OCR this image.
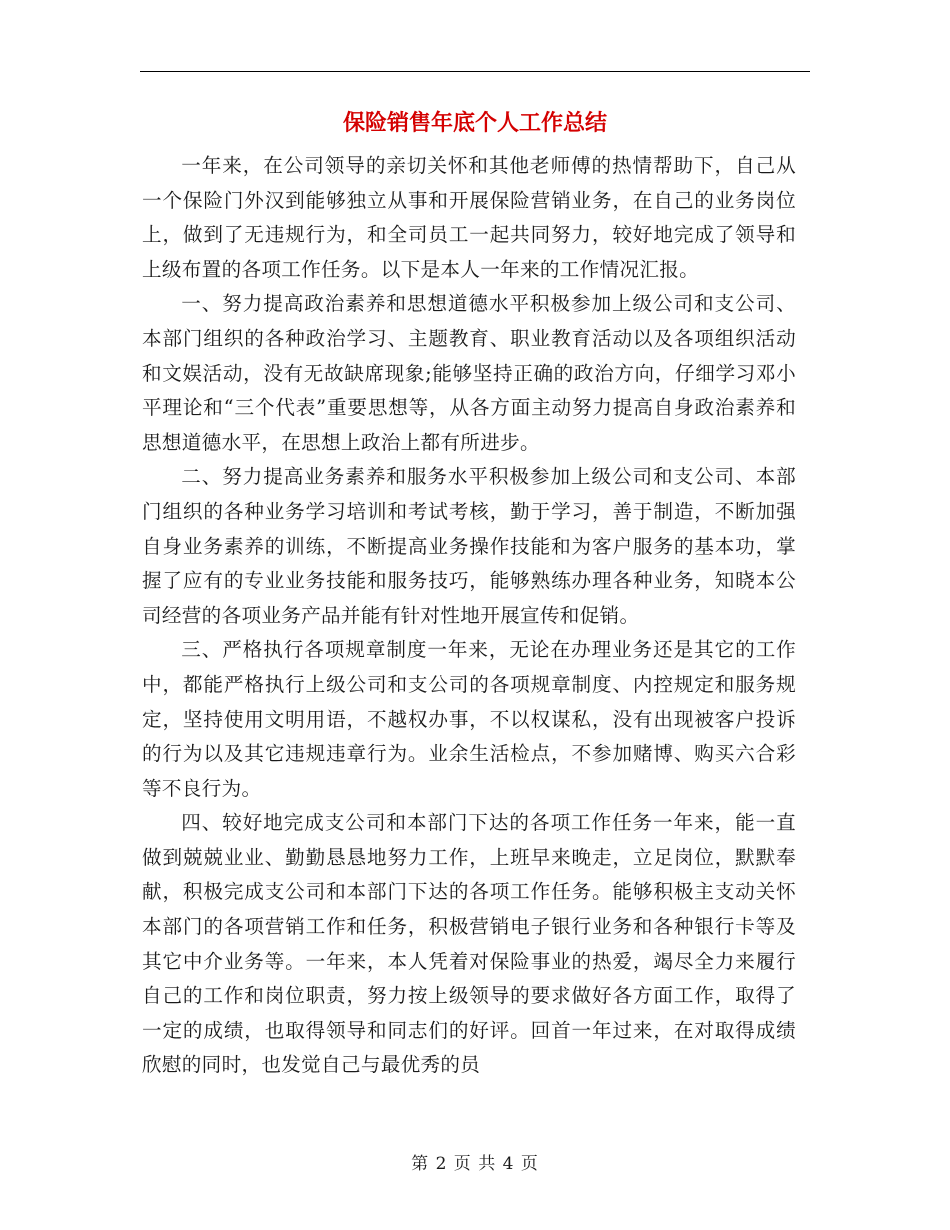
保险销售年底个人工作总结

一年来，在公司领导的亲切关怀和其他老师傅的热情帮助下，自己从一个保险门外汉到能够独立从事和开展保险营销业务，在自己的业务岗位上，做到了无违规行为，和全司员工一起共同努力，较好地完成了领导和上级布置的各项工作任务。以下是本人一年来的工作情况汇报。

一、努力提高政治素养和思想道德水平积极参加上级公司和支公司、本部门组织的各种政治学习、主题教育、职业教育活动以及各项组织活动和文娱活动，没有无故缺席现象;能够坚持正确的政治方向，仔细学习邓小平理论和“三个代表”重要思想等，从各方面主动努力提高自身政治素养和思想道德水平，在思想上政治上都有所进步。

二、努力提高业务素养和服务水平积极参加上级公司和支公司、本部门组织的各种业务学习培训和考试考核，勤于学习，善于制造，不断加强自身业务素养的训练，不断提高业务操作技能和为客户服务的基本功，掌握了应有的专业业务技能和服务技巧，能够熟练办理各种业务，知晓本公司经营的各项业务产品并能有针对性地开展宣传和促销。

三、严格执行各项规章制度一年来，无论在办理业务还是其它的工作中，都能严格执行上级公司和支公司的各项规章制度、内控规定和服务规定，坚持使用文明用语，不越权办事，不以权谋私，没有出现被客户投诉的行为以及其它违规违章行为。业余生活检点，不参加赌博、购买六合彩等不良行为。

四、较好地完成支公司和本部门下达的各项工作任务一年来，能一直做到兢兢业业、勤勤恳恳地努力工作，上班早来晚走，立足岗位，默默奉献，积极完成支公司和本部门下达的各项工作任务。能够积极主支动关怀本部门的各项营销工作和任务，积极营销电子银行业务和各种银行卡等及其它中介业务等。一年来，本人凭着对保险事业的热爱，竭尽全力来履行自己的工作和岗位职责，努力按上级领导的要求做好各方面工作，取得了一定的成绩，也取得领导和同志们的好评。回首一年过来，在对取得成绩欣慰的同时，也发觉自己与最优秀的员

第 2 页 共 4 页
